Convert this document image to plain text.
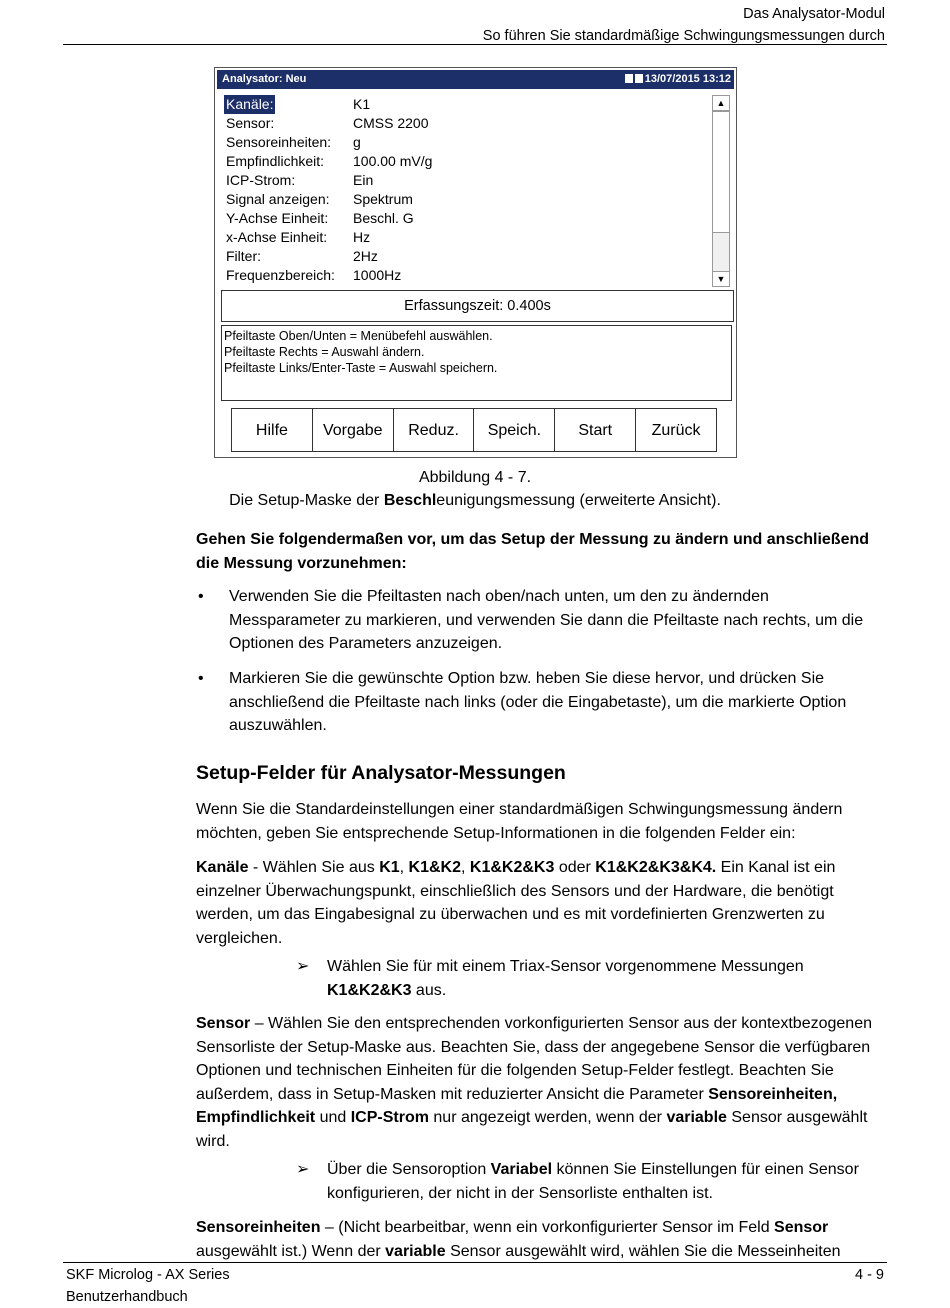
Das Analysator-Modul
So führen Sie standardmäßige Schwingungsmessungen durch
Analysator: Neu	13/07/2015 13:12
Kanäle:	K1
Sensor:	CMSS 2200
Sensoreinheiten: g
Empfindlichkeit: 100.00 mV/g
ICP-Strom:	Ein
Signal anzeigen: Spektrum
Y-Achse Einheit: Beschl. G
x-Achse Einheit: Hz
Filter:	2Hz
Frequenzbereich: 1000Hz
▲
▼
Erfassungszeit: 0.400s
Pfeiltaste Oben/Unten = Menübefehl auswählen.
Pfeiltaste Rechts = Auswahl ändern.
Pfeiltaste Links/Enter-Taste = Auswahl speichern.
Hilfe	Vorgabe	Reduz.	Speich.	Start	Zurück
Abbildung 4 - 7.
Die Setup-Maske der Beschleunigungsmessung (erweiterte Ansicht).
Gehen Sie folgendermaßen vor, um das Setup der Messung zu ändern und anschließend die Messung vorzunehmen:
• Verwenden Sie die Pfeiltasten nach oben/nach unten, um den zu ändernden Messparameter zu markieren, und verwenden Sie dann die Pfeiltaste nach rechts, um die Optionen des Parameters anzuzeigen.
• Markieren Sie die gewünschte Option bzw. heben Sie diese hervor, und drücken Sie anschließend die Pfeiltaste nach links (oder die Eingabetaste), um die markierte Option auszuwählen.
Setup-Felder für Analysator-Messungen
Wenn Sie die Standardeinstellungen einer standardmäßigen Schwingungsmessung ändern möchten, geben Sie entsprechende Setup-Informationen in die folgenden Felder ein:
Kanäle - Wählen Sie aus K1, K1&K2, K1&K2&K3 oder K1&K2&K3&K4. Ein Kanal ist ein einzelner Überwachungspunkt, einschließlich des Sensors und der Hardware, die benötigt werden, um das Eingabesignal zu überwachen und es mit vordefinierten Grenzwerten zu vergleichen.
➢ Wählen Sie für mit einem Triax-Sensor vorgenommene Messungen K1&K2&K3 aus.
Sensor – Wählen Sie den entsprechenden vorkonfigurierten Sensor aus der kontextbezogenen Sensorliste der Setup-Maske aus. Beachten Sie, dass der angegebene Sensor die verfügbaren Optionen und technischen Einheiten für die folgenden Setup-Felder festlegt. Beachten Sie außerdem, dass in Setup-Masken mit reduzierter Ansicht die Parameter Sensoreinheiten, Empfindlichkeit und ICP-Strom nur angezeigt werden, wenn der variable Sensor ausgewählt wird.
➢ Über die Sensoroption Variabel können Sie Einstellungen für einen Sensor konfigurieren, der nicht in der Sensorliste enthalten ist.
Sensoreinheiten – (Nicht bearbeitbar, wenn ein vorkonfigurierter Sensor im Feld Sensor ausgewählt ist.) Wenn der variable Sensor ausgewählt wird, wählen Sie die Messeinheiten
SKF Microlog - AX Series
Benutzerhandbuch
4 - 9
